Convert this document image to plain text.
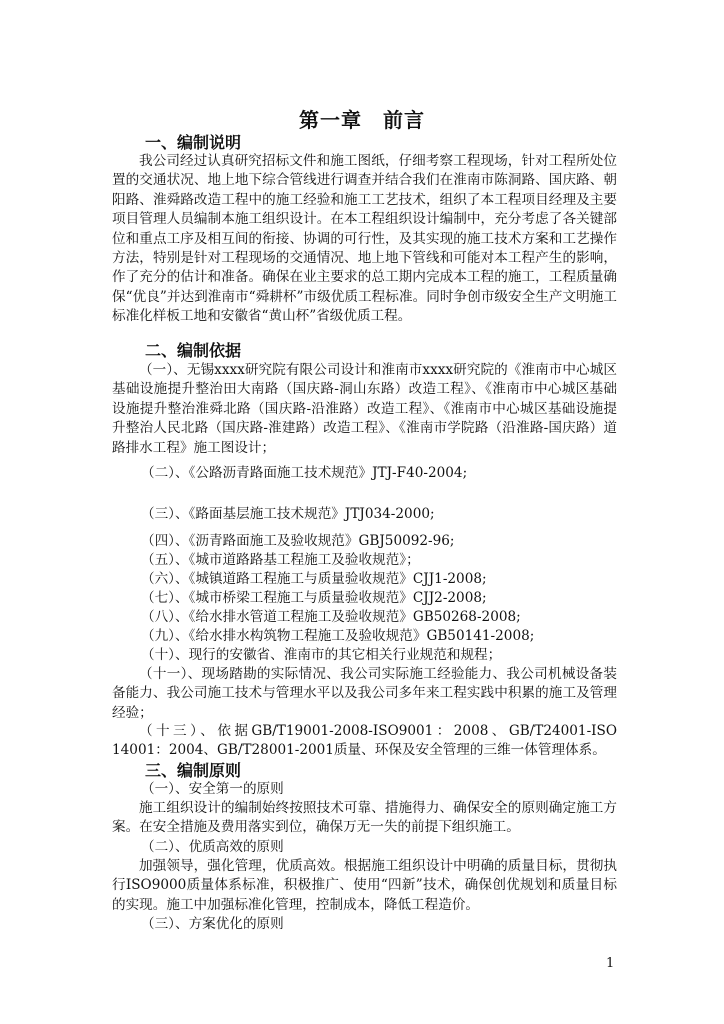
第一章　前言
一、编制说明
我公司经过认真研究招标文件和施工图纸，仔细考察工程现场，针对工程所处位置的交通状况、地上地下综合管线进行调查并结合我们在淮南市陈洞路、国庆路、朝阳路、淮舜路改造工程中的施工经验和施工工艺技术，组织了本工程项目经理及主要项目管理人员编制本施工组织设计。在本工程组织设计编制中，充分考虑了各关键部位和重点工序及相互间的衔接、协调的可行性，及其实现的施工技术方案和工艺操作方法，特别是针对工程现场的交通情况、地上地下管线和可能对本工程产生的影响，作了充分的估计和准备。确保在业主要求的总工期内完成本工程的施工，工程质量确保“优良”并达到淮南市“舜耕杯”市级优质工程标准。同时争创市级安全生产文明施工标准化样板工地和安徽省“黄山杯”省级优质工程。
二、编制依据
（一）、无锡xxxx研究院有限公司设计和淮南市xxxx研究院的《淮南市中心城区基础设施提升整治田大南路（国庆路-洞山东路）改造工程》、《淮南市中心城区基础设施提升整治淮舜北路（国庆路-沿淮路）改造工程》、《淮南市中心城区基础设施提升整治人民北路（国庆路-淮建路）改造工程》、《淮南市学院路（沿淮路-国庆路）道路排水工程》施工图设计；
（二）、《公路沥青路面施工技术规范》JTJ-F40-2004;
（三）、《路面基层施工技术规范》JTJ034-2000;
（四）、《沥青路面施工及验收规范》GBJ50092-96;
（五）、《城市道路路基工程施工及验收规范》；
（六）、《城镇道路工程施工与质量验收规范》CJJ1-2008;
（七）、《城市桥梁工程施工与质量验收规范》CJJ2-2008;
（八）、《给水排水管道工程施工及验收规范》GB50268-2008;
（九）、《给水排水构筑物工程施工及验收规范》GB50141-2008;
（十）、现行的安徽省、淮南市的其它相关行业规范和规程；
（十一）、现场踏勘的实际情况、我公司实际施工经验能力、我公司机械设备装备能力、我公司施工技术与管理水平以及我公司多年来工程实践中积累的施工及管理经验；
（十三）、依据GB/T19001-2008-ISO9001：2008、GB/T24001-ISO 14001：2004、GB/T28001-2001质量、环保及安全管理的三维一体管理体系。
三、编制原则
（一）、安全第一的原则
施工组织设计的编制始终按照技术可靠、措施得力、确保安全的原则确定施工方案。在安全措施及费用落实到位，确保万无一失的前提下组织施工。
（二）、优质高效的原则
加强领导，强化管理，优质高效。根据施工组织设计中明确的质量目标，贯彻执行ISO9000质量体系标准，积极推广、使用“四新”技术，确保创优规划和质量目标的实现。施工中加强标准化管理，控制成本，降低工程造价。
（三）、方案优化的原则
1
